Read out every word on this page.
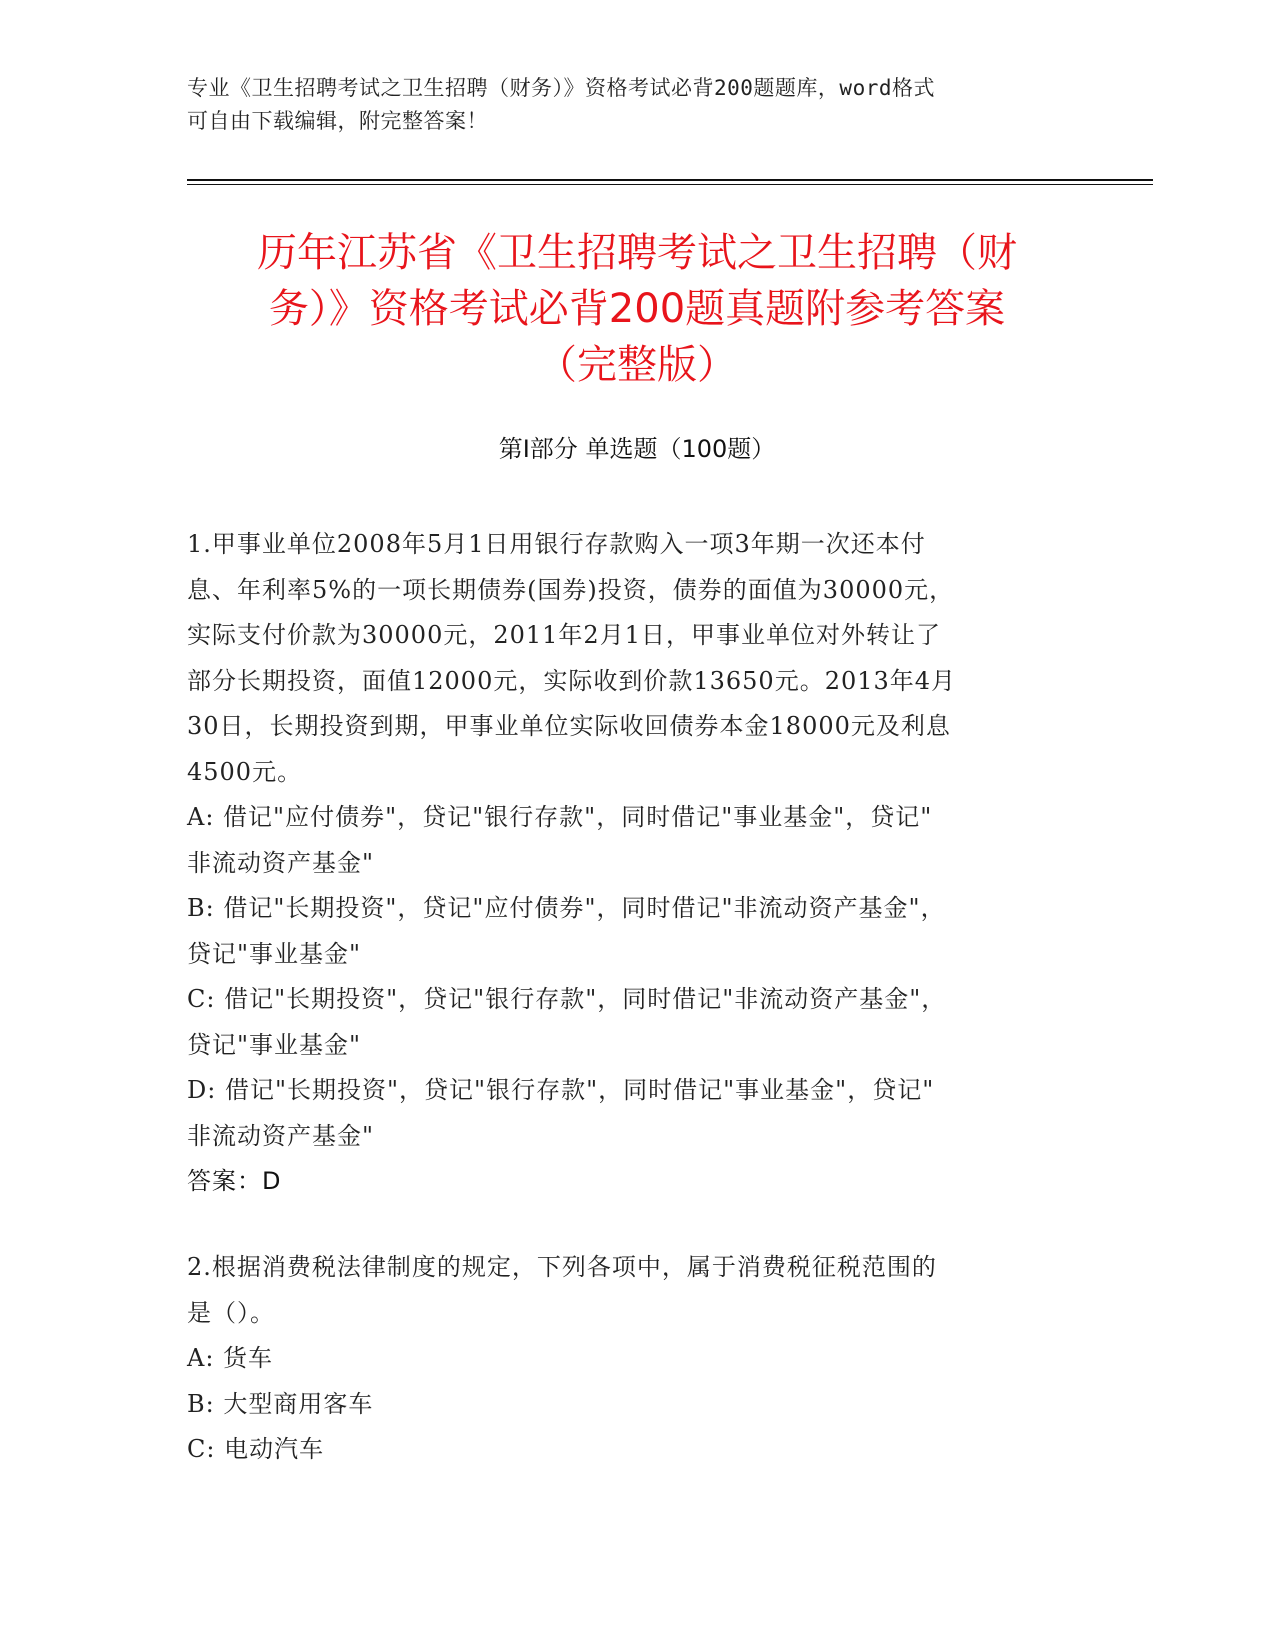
专业《卫生招聘考试之卫生招聘（财务）》资格考试必背200题题库，word格式
可自由下载编辑，附完整答案！
历年江苏省《卫生招聘考试之卫生招聘（财
务）》资格考试必背200题真题附参考答案
（完整版）
第Ⅰ部分 单选题（100题）
1.甲事业单位2008年5月1日用银行存款购入一项3年期一次还本付
息、年利率5%的一项长期债券(国券)投资，债券的面值为30000元，
实际支付价款为30000元，2011年2月1日，甲事业单位对外转让了
部分长期投资，面值12000元，实际收到价款13650元。2013年4月
30日，长期投资到期，甲事业单位实际收回债券本金18000元及利息
4500元。
A: 借记"应付债券"，贷记"银行存款"，同时借记"事业基金"，贷记"
非流动资产基金"
B: 借记"长期投资"，贷记"应付债券"，同时借记"非流动资产基金"，
贷记"事业基金"
C: 借记"长期投资"，贷记"银行存款"，同时借记"非流动资产基金"，
贷记"事业基金"
D: 借记"长期投资"，贷记"银行存款"，同时借记"事业基金"，贷记"
非流动资产基金"
答案：D
2.根据消费税法律制度的规定，下列各项中，属于消费税征税范围的
是（）。
A: 货车
B: 大型商用客车
C: 电动汽车
